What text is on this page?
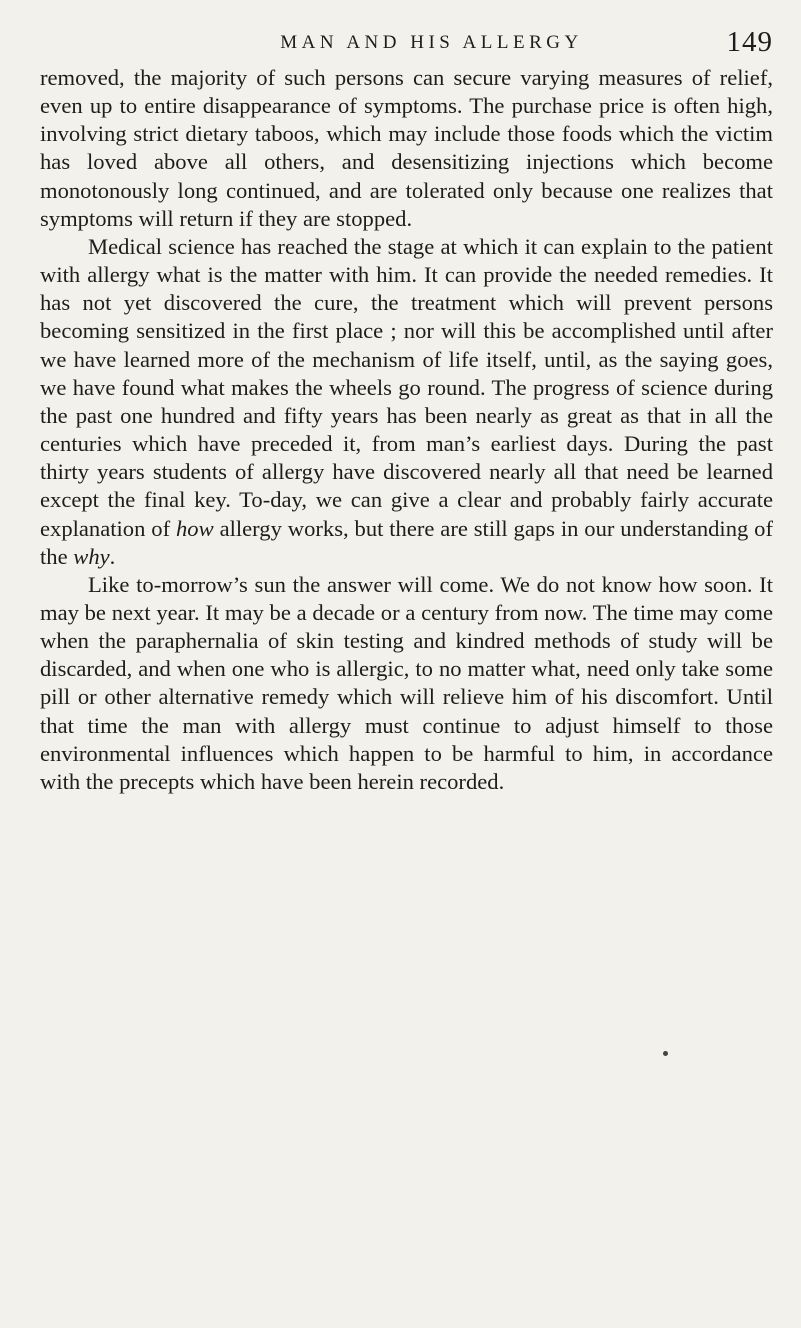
MAN AND HIS ALLERGY	149

removed, the majority of such persons can secure varying measures of relief, even up to entire disappearance of symptoms. The purchase price is often high, involving strict dietary taboos, which may include those foods which the victim has loved above all others, and desensitizing injections which become monotonously long continued, and are tolerated only because one realizes that symptoms will return if they are stopped.

Medical science has reached the stage at which it can explain to the patient with allergy what is the matter with him. It can provide the needed remedies. It has not yet discovered the cure, the treatment which will prevent persons becoming sensitized in the first place ; nor will this be accomplished until after we have learned more of the mechanism of life itself, until, as the saying goes, we have found what makes the wheels go round. The progress of science during the past one hundred and fifty years has been nearly as great as that in all the centuries which have preceded it, from man’s earliest days. During the past thirty years students of allergy have discovered nearly all that need be learned except the final key. To-day, we can give a clear and probably fairly accurate explanation of how allergy works, but there are still gaps in our understanding of the why.

Like to-morrow’s sun the answer will come. We do not know how soon. It may be next year. It may be a decade or a century from now. The time may come when the paraphernalia of skin testing and kindred methods of study will be discarded, and when one who is allergic, to no matter what, need only take some pill or other alternative remedy which will relieve him of his discomfort. Until that time the man with allergy must continue to adjust himself to those environmental influences which happen to be harmful to him, in accordance with the precepts which have been herein recorded.
